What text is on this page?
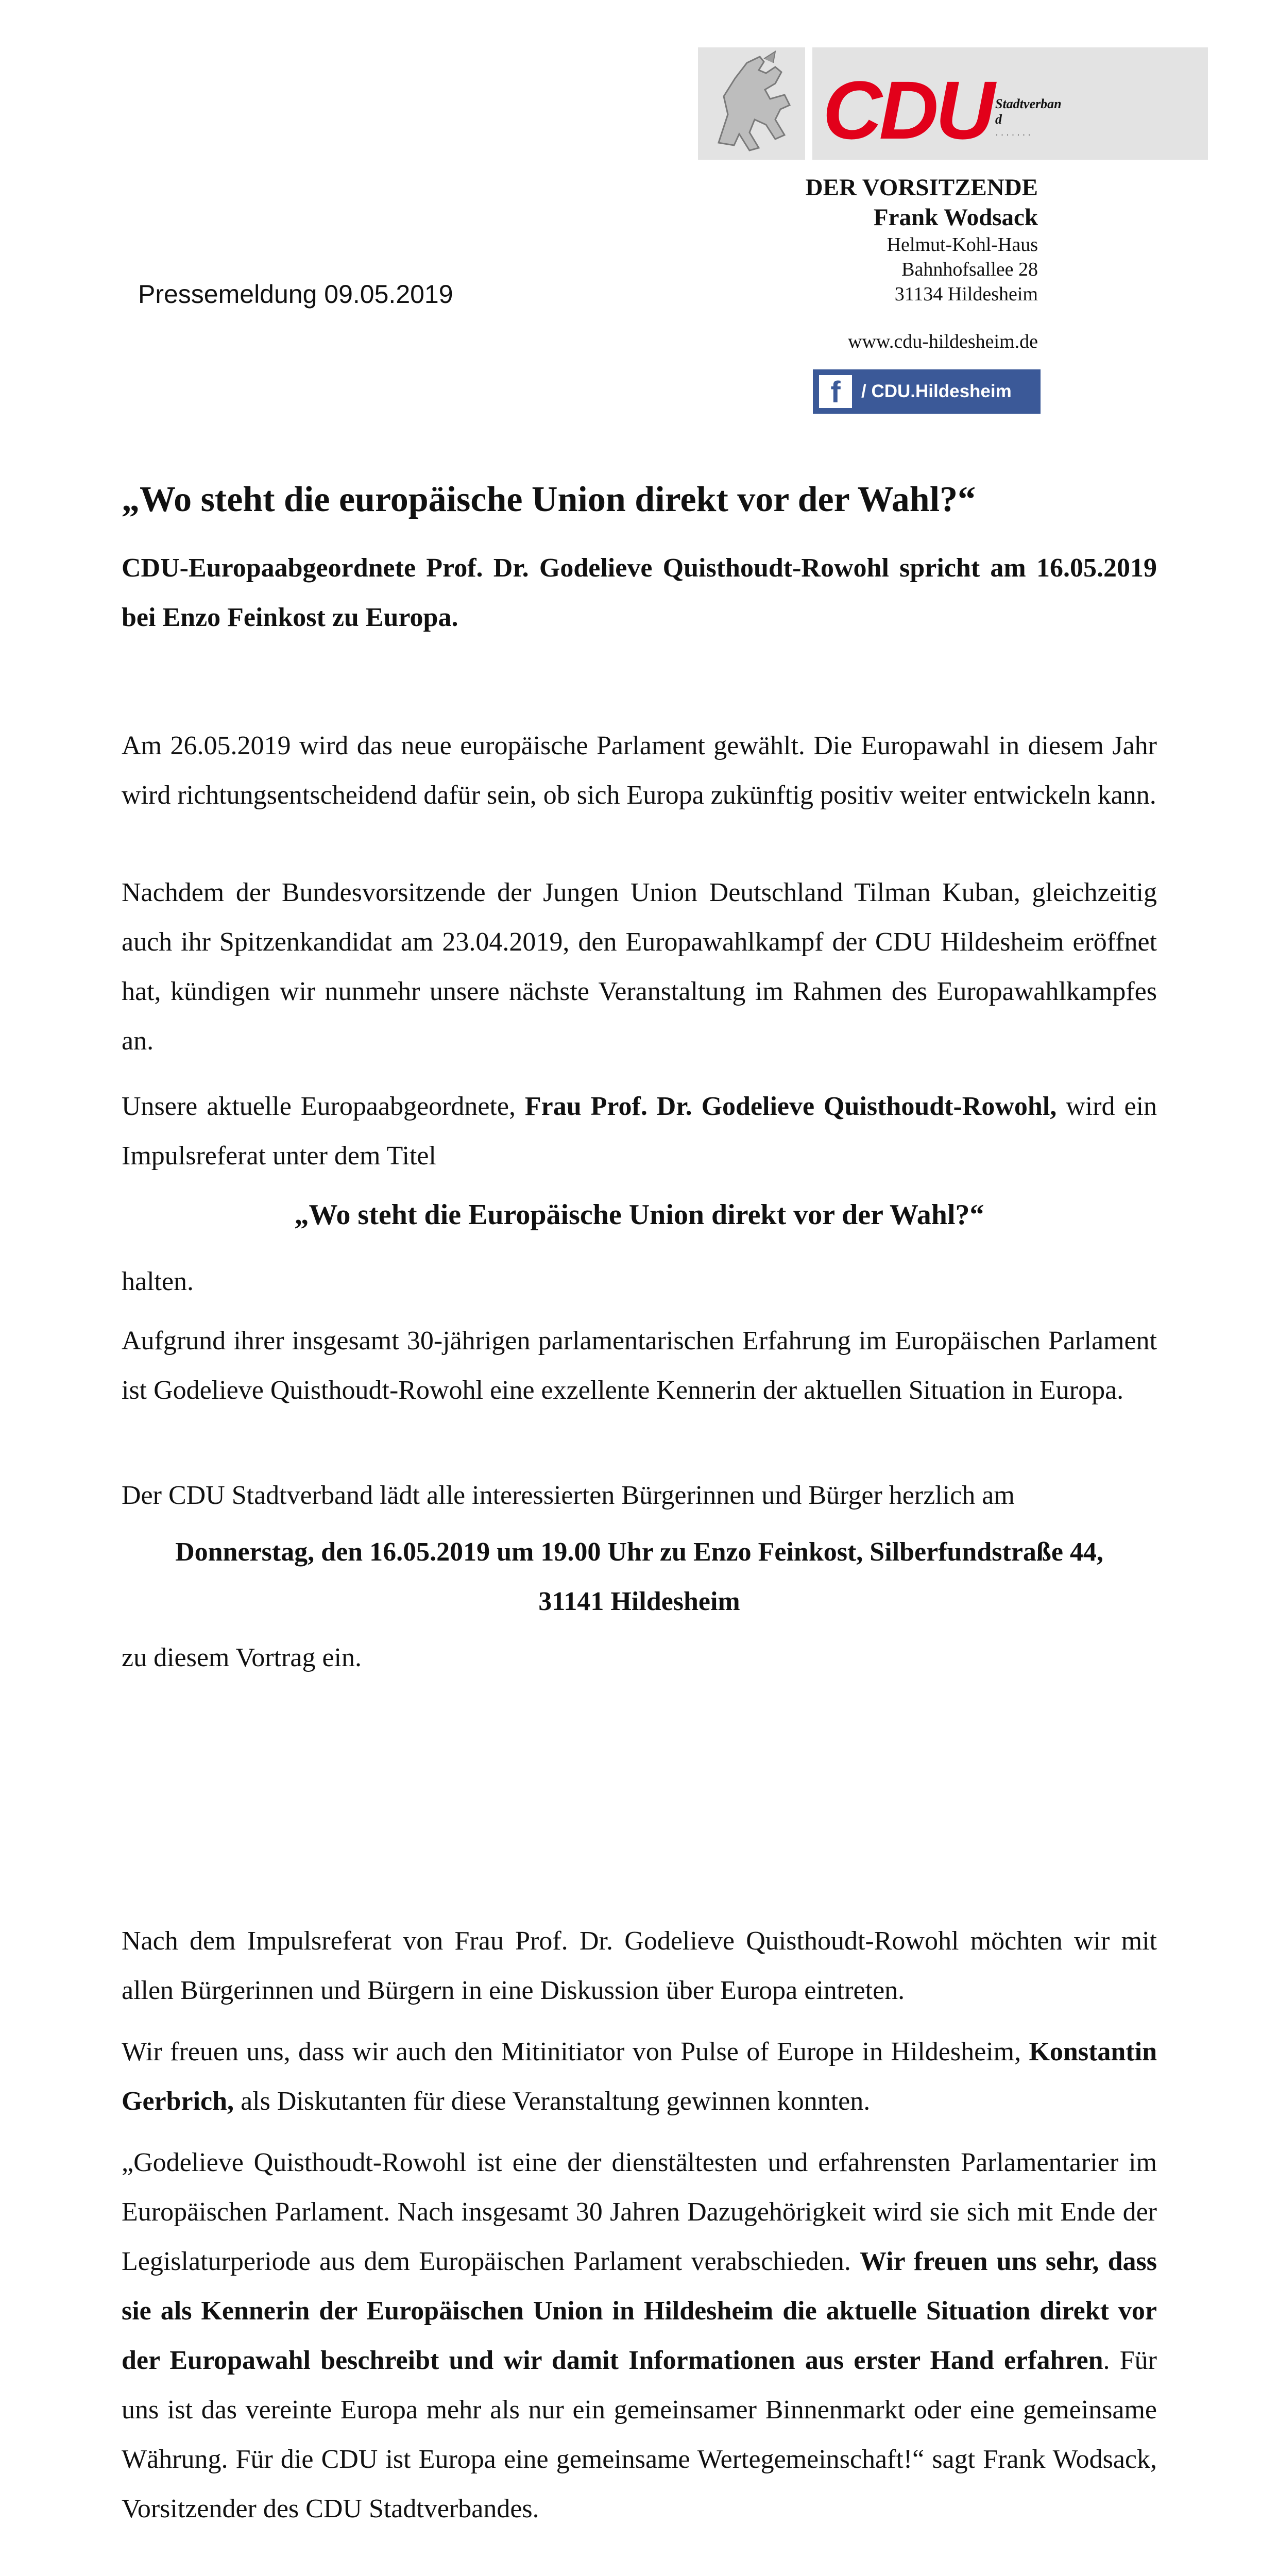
CDU Stadtverband
· · · · · · ·
DER VORSITZENDE
Frank Wodsack
Helmut-Kohl-Haus
Bahnhofsallee 28
31134 Hildesheim
www.cdu-hildesheim.de
f	/ CDU.Hildesheim
Pressemeldung 09.05.2019
„Wo steht die europäische Union direkt vor der Wahl?“
CDU-Europaabgeordnete Prof. Dr. Godelieve Quisthoudt-Rowohl spricht am 16.05.2019 bei Enzo Feinkost zu Europa.

Am 26.05.2019 wird das neue europäische Parlament gewählt. Die Europawahl in diesem Jahr wird richtungsentscheidend dafür sein, ob sich Europa zukünftig positiv weiter entwickeln kann.

Nachdem der Bundesvorsitzende der Jungen Union Deutschland Tilman Kuban, gleichzeitig auch ihr Spitzenkandidat am 23.04.2019, den Europawahlkampf der CDU Hildesheim eröffnet hat, kündigen wir nunmehr unsere nächste Veranstaltung im Rahmen des Europawahlkampfes an.

Unsere aktuelle Europaabgeordnete, Frau Prof. Dr. Godelieve Quisthoudt-Rowohl, wird ein Impulsreferat unter dem Titel

„Wo steht die Europäische Union direkt vor der Wahl?“

halten.

Aufgrund ihrer insgesamt 30-jährigen parlamentarischen Erfahrung im Europäischen Parlament ist Godelieve Quisthoudt-Rowohl eine exzellente Kennerin der aktuellen Situation in Europa.

Der CDU Stadtverband lädt alle interessierten Bürgerinnen und Bürger herzlich am

Donnerstag, den 16.05.2019 um 19.00 Uhr zu Enzo Feinkost, Silberfundstraße 44,
31141 Hildesheim

zu diesem Vortrag ein.

Nach dem Impulsreferat von Frau Prof. Dr. Godelieve Quisthoudt-Rowohl möchten wir mit allen Bürgerinnen und Bürgern in eine Diskussion über Europa eintreten.

Wir freuen uns, dass wir auch den Mitinitiator von Pulse of Europe in Hildesheim, Konstantin Gerbrich, als Diskutanten für diese Veranstaltung gewinnen konnten.

„Godelieve Quisthoudt-Rowohl ist eine der dienstältesten und erfahrensten Parlamentarier im Europäischen Parlament. Nach insgesamt 30 Jahren Dazugehörigkeit wird sie sich mit Ende der Legislaturperiode aus dem Europäischen Parlament verabschieden. Wir freuen uns sehr, dass sie als Kennerin der Europäischen Union in Hildesheim die aktuelle Situation direkt vor der Europawahl beschreibt und wir damit Informationen aus erster Hand erfahren. Für uns ist das vereinte Europa mehr als nur ein gemeinsamer Binnenmarkt oder eine gemeinsame Währung. Für die CDU ist Europa eine gemeinsame Wertegemeinschaft!“ sagt Frank Wodsack, Vorsitzender des CDU Stadtverbandes.
